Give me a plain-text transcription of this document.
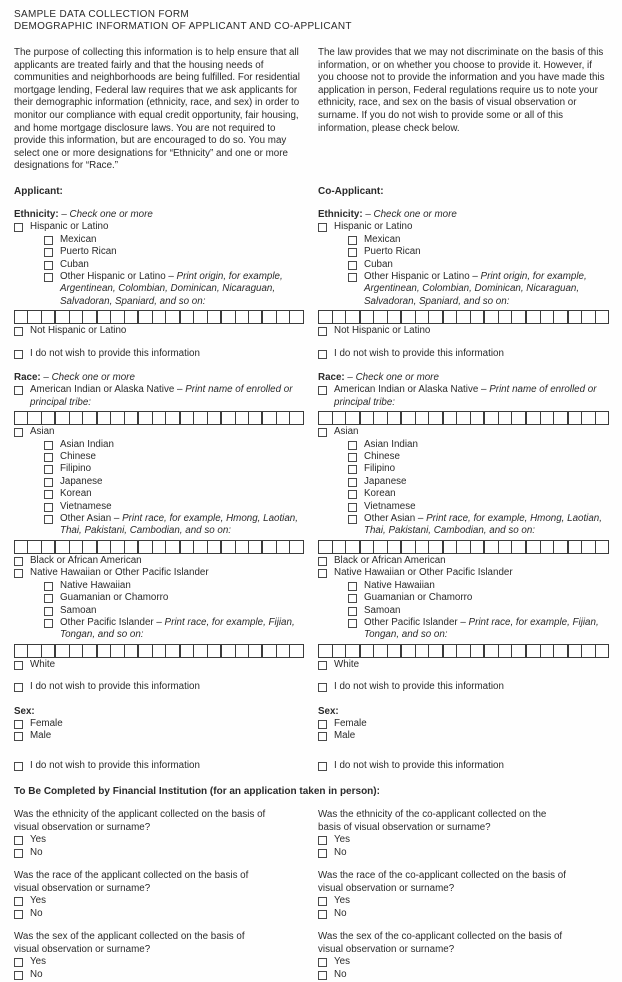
SAMPLE DATA COLLECTION FORM
DEMOGRAPHIC INFORMATION OF APPLICANT AND CO-APPLICANT

The purpose of collecting this information is to help ensure that all applicants are treated fairly and that the housing needs of communities and neighborhoods are being fulfilled. For residential mortgage lending, Federal law requires that we ask applicants for their demographic information (ethnicity, race, and sex) in order to monitor our compliance with equal credit opportunity, fair housing, and home mortgage disclosure laws. You are not required to provide this information, but are encouraged to do so. You may select one or more designations for “Ethnicity” and one or more designations for “Race.”

The law provides that we may not discriminate on the basis of this information, or on whether you choose to provide it. However, if you choose not to provide the information and you have made this application in person, Federal regulations require us to note your ethnicity, race, and sex on the basis of visual observation or surname. If you do not wish to provide some or all of this information, please check below.

Applicant:
Ethnicity: – Check one or more
Hispanic or Latino
Mexican
Puerto Rican
Cuban
Other Hispanic or Latino – Print origin, for example, Argentinean, Colombian, Dominican, Nicaraguan, Salvadoran, Spaniard, and so on:
Not Hispanic or Latino
I do not wish to provide this information
Race: – Check one or more
American Indian or Alaska Native – Print name of enrolled or principal tribe:
Asian
Asian Indian
Chinese
Filipino
Japanese
Korean
Vietnamese
Other Asian – Print race, for example, Hmong, Laotian, Thai, Pakistani, Cambodian, and so on:
Black or African American
Native Hawaiian or Other Pacific Islander
Native Hawaiian
Guamanian or Chamorro
Samoan
Other Pacific Islander – Print race, for example, Fijian, Tongan, and so on:
White
I do not wish to provide this information
Sex:
Female
Male
I do not wish to provide this information
Co-Applicant:
Ethnicity: – Check one or more
Hispanic or Latino
Mexican
Puerto Rican
Cuban
Other Hispanic or Latino – Print origin, for example, Argentinean, Colombian, Dominican, Nicaraguan, Salvadoran, Spaniard, and so on:
Not Hispanic or Latino
I do not wish to provide this information
Race: – Check one or more
American Indian or Alaska Native – Print name of enrolled or principal tribe:
Asian
Asian Indian
Chinese
Filipino
Japanese
Korean
Vietnamese
Other Asian – Print race, for example, Hmong, Laotian, Thai, Pakistani, Cambodian, and so on:
Black or African American
Native Hawaiian or Other Pacific Islander
Native Hawaiian
Guamanian or Chamorro
Samoan
Other Pacific Islander – Print race, for example, Fijian, Tongan, and so on:
White
I do not wish to provide this information
Sex:
Female
Male
I do not wish to provide this information
To Be Completed by Financial Institution (for an application taken in person):
Was the ethnicity of the applicant collected on the basis of visual observation or surname?
Yes
No
Was the race of the applicant collected on the basis of visual observation or surname?
Yes
No
Was the sex of the applicant collected on the basis of visual observation or surname?
Yes
No
Was the ethnicity of the co-applicant collected on the basis of visual observation or surname?
Yes
No
Was the race of the co-applicant collected on the basis of visual observation or surname?
Yes
No
Was the sex of the co-applicant collected on the basis of visual observation or surname?
Yes
No
